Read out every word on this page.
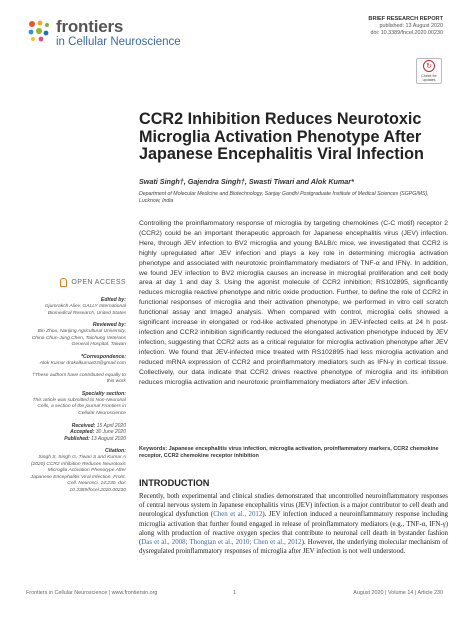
frontiers
in Cellular Neuroscience
BRIEF RESEARCH REPORT
published: 13 August 2020
doi: 10.3389/fncel.2020.00230
↻
Check for updates
CCR2 Inhibition Reduces Neurotoxic Microglia Activation Phenotype After Japanese Encephalitis Viral Infection
Swati Singh†, Gajendra Singh†, Swasti Tiwari and Alok Kumar*
Department of Molecular Medicine and Biotechnology, Sanjay Gandhi Postgraduate Institute of Medical Sciences (SGPGIMS), Lucknow, India

Controlling the proinflammatory response of microglia by targeting chemokines (C-C motif) receptor 2 (CCR2) could be an important therapeutic approach for Japanese encephalitis virus (JEV) infection. Here, through JEV infection to BV2 microglia and young BALB/c mice, we investigated that CCR2 is highly upregulated after JEV infection and plays a key role in determining microglia activation phenotype and associated with neurotoxic proinflammatory mediators of TNF-α and IFNγ. In addition, we found JEV infection to BV2 microglia causes an increase in microglial proliferation and cell body area at day 1 and day 3. Using the agonist molecule of CCR2 inhibition; RS102895, significantly reduces microglia reactive phenotype and nitric oxide production. Further, to define the role of CCR2 in functional responses of microglia and their activation phenotype, we performed in vitro cell scratch functional assay and ImageJ analysis. When compared with control, microglia cells showed a significant increase in elongated or rod-like activated phenotype in JEV-infected cells at 24 h post-infection and CCR2 inhibition significantly reduced the elongated activation phenotype induced by JEV infection, suggesting that CCR2 acts as a critical regulator for microglia activation phenotype after JEV infection. We found that JEV-infected mice treated with RS102895 had less microglia activation and reduced mRNA expression of CCR2 and proinflammatory mediators such as IFN-γ in cortical tissue. Collectively, our data indicate that CCR2 drives reactive phenotype of microglia and its inhibition reduces microglia activation and neurotoxic proinflammatory mediators after JEV infection.

Keywords: Japanese encephalitis virus infection, microglia activation, proinflammatory markers, CCR2 chemokine receptor, CCR2 chemokine receptor inhibition
OPEN ACCESS
Edited by:
Gjumrakch Aliev, GALLY International Biomedical Research, United States
Reviewed by:
Bin Zhou, Nanjing Agricultural University, China Chun-Jung Chen, Taichung Veterans General Hospital, Taiwan
*Correspondence:
Alok Kumar drakalkumar03@gmail.com
†These authors have contributed equally to this work
Specialty section:
This article was submitted to Non-Neuronal Cells, a section of the journal Frontiers in Cellular Neuroscience
Received: 15 April 2020
Accepted: 30 June 2020
Published: 13 August 2020
Citation:
Singh S, Singh G, Tiwari S and Kumar A (2020) CCR2 Inhibition Reduces Neurotoxic Microglia Activation Phenotype After Japanese Encephalitis Viral Infection. Front. Cell. Neurosci. 14:230. doi: 10.3389/fncel.2020.00230
INTRODUCTION

Recently, both experimental and clinical studies demonstrated that uncontrolled neuroinflammatory responses of central nervous system in Japanese encephalitis virus (JEV) infection is a major contributor to cell death and neurological dysfunction (Chen et al., 2012). JEV infection induced a neuroinflammatory response including microglia activation that further found engaged in release of proinflammatory mediators (e.g., TNF-α, IFN-γ) along with production of reactive oxygen species that contribute to neuronal cell death in bystander fashion (Das et al., 2008; Thongtan et al., 2010; Chen et al., 2012). However, the underlying molecular mechanism of dysregulated proinflammatory responses of microglia after JEV infection is not well understood.

Frontiers in Cellular Neuroscience | www.frontiersin.org	1	August 2020 | Volume 14 | Article 230
